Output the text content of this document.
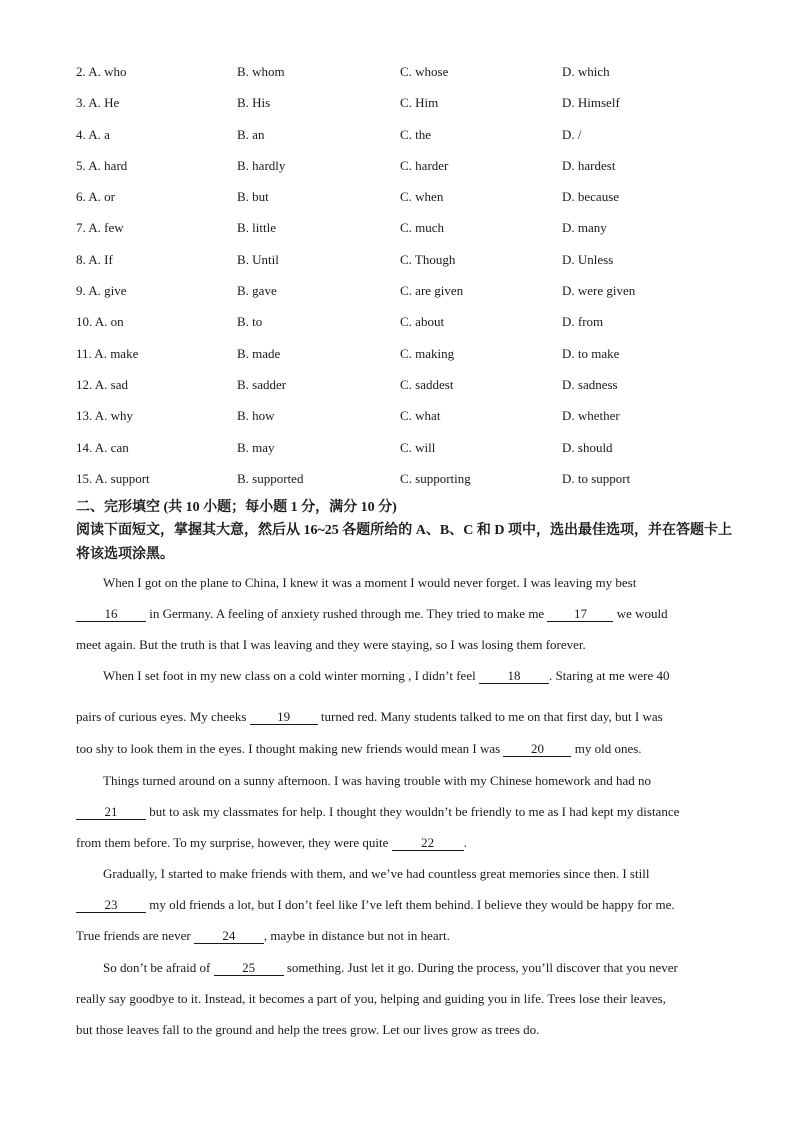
2. A. who	B. whom	C. whose	D. which
3. A. He	B. His	C. Him	D. Himself
4. A. a	B. an	C. the	D. /
5. A. hard	B. hardly	C. harder	D. hardest
6. A. or	B. but	C. when	D. because
7. A. few	B. little	C. much	D. many
8. A. If	B. Until	C. Though	D. Unless
9. A. give	B. gave	C. are given	D. were given
10. A. on	B. to	C. about	D. from
11. A. make	B. made	C. making	D. to make
12. A. sad	B. sadder	C. saddest	D. sadness
13. A. why	B. how	C. what	D. whether
14. A. can	B. may	C. will	D. should
15. A. support	B. supported	C. supporting	D. to support
二、完形填空 (共 10 小题；每小题 1 分，满分 10 分)
阅读下面短文，掌握其大意，然后从 16~25 各题所给的 A、B、C 和 D 项中，选出最佳选项，并在答题卡上将该选项涂黑。
When I got on the plane to China, I knew it was a moment I would never forget. I was leaving my best
16 in Germany. A feeling of anxiety rushed through me. They tried to make me 17 we would
meet again. But the truth is that I was leaving and they were staying, so I was losing them forever.
When I set foot in my new class on a cold winter morning , I didn’t feel 18 . Staring at me were 40
pairs of curious eyes. My cheeks 19 turned red. Many students talked to me on that first day, but I was
too shy to look them in the eyes. I thought making new friends would mean I was 20 my old ones.
Things turned around on a sunny afternoon. I was having trouble with my Chinese homework and had no
21 but to ask my classmates for help. I thought they wouldn’t be friendly to me as I had kept my distance
from them before. To my surprise, however, they were quite	22 .
Gradually, I started to make friends with them, and we’ve had countless great memories since then. I still
23 my old friends a lot, but I don’t feel like I’ve left them behind. I believe they would be happy for me.
True friends are never 24 , maybe in distance but not in heart.
So don’t be afraid of 25 something. Just let it go. During the process, you’ll discover that you never
really say goodbye to it. Instead, it becomes a part of you, helping and guiding you in life. Trees lose their leaves,
but those leaves fall to the ground and help the trees grow. Let our lives grow as trees do.
